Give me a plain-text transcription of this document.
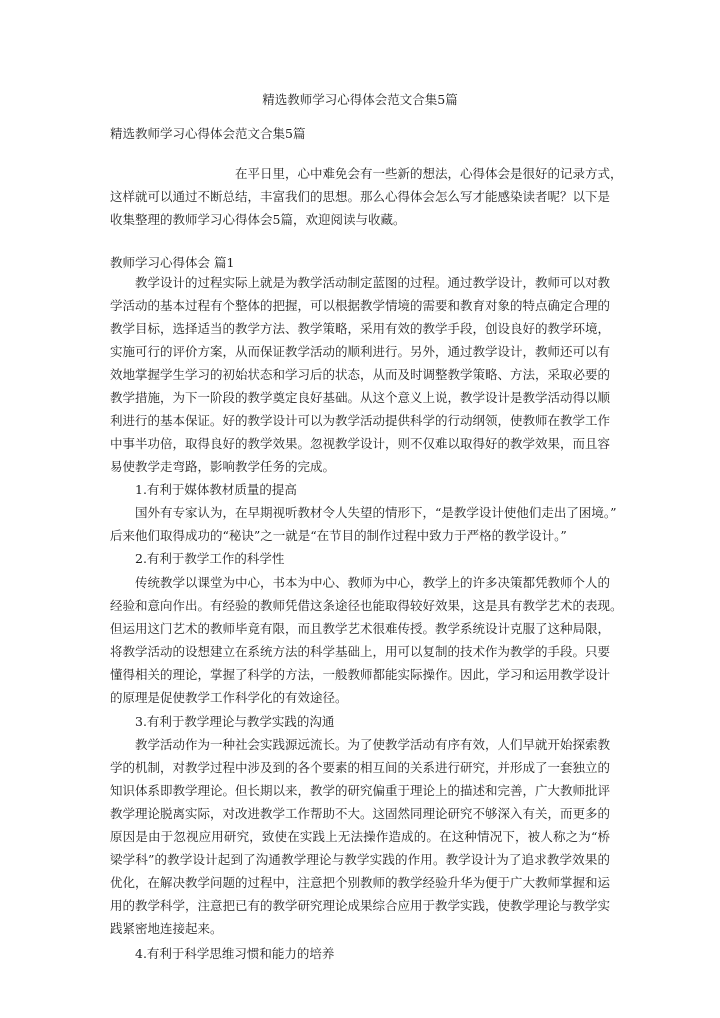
精选教师学习心得体会范文合集5篇
精选教师学习心得体会范文合集5篇
在平日里，心中难免会有一些新的想法，心得体会是很好的记录方式，
这样就可以通过不断总结，丰富我们的思想。那么心得体会怎么写才能感染读者呢？以下是
收集整理的教师学习心得体会5篇，欢迎阅读与收藏。
教师学习心得体会 篇1
教学设计的过程实际上就是为教学活动制定蓝图的过程。通过教学设计，教师可以对教
学活动的基本过程有个整体的把握，可以根据教学情境的需要和教育对象的特点确定合理的
教学目标，选择适当的教学方法、教学策略，采用有效的教学手段，创设良好的教学环境，
实施可行的评价方案，从而保证教学活动的顺利进行。另外，通过教学设计，教师还可以有
效地掌握学生学习的初始状态和学习后的状态，从而及时调整教学策略、方法，采取必要的
教学措施，为下一阶段的教学奠定良好基础。从这个意义上说，教学设计是教学活动得以顺
利进行的基本保证。好的教学设计可以为教学活动提供科学的行动纲领，使教师在教学工作
中事半功倍，取得良好的教学效果。忽视教学设计，则不仅难以取得好的教学效果，而且容
易使教学走弯路，影响教学任务的完成。
1.有利于媒体教材质量的提高
国外有专家认为，在早期视听教材令人失望的情形下，“是教学设计使他们走出了困境。”
后来他们取得成功的“秘诀”之一就是“在节目的制作过程中致力于严格的教学设计。”
2.有利于教学工作的科学性
传统教学以课堂为中心，书本为中心、教师为中心，教学上的许多决策都凭教师个人的
经验和意向作出。有经验的教师凭借这条途径也能取得较好效果，这是具有教学艺术的表现。
但运用这门艺术的教师毕竟有限，而且教学艺术很难传授。教学系统设计克服了这种局限，
将教学活动的设想建立在系统方法的科学基础上，用可以复制的技术作为教学的手段。只要
懂得相关的理论，掌握了科学的方法，一般教师都能实际操作。因此，学习和运用教学设计
的原理是促使教学工作科学化的有效途径。
3.有利于教学理论与教学实践的沟通
教学活动作为一种社会实践源远流长。为了使教学活动有序有效，人们早就开始探索教
学的机制，对教学过程中涉及到的各个要素的相互间的关系进行研究，并形成了一套独立的
知识体系即教学理论。但长期以来，教学的研究偏重于理论上的描述和完善，广大教师批评
教学理论脱离实际，对改进教学工作帮助不大。这固然同理论研究不够深入有关，而更多的
原因是由于忽视应用研究，致使在实践上无法操作造成的。在这种情况下，被人称之为“桥
梁学科”的教学设计起到了沟通教学理论与教学实践的作用。教学设计为了追求教学效果的
优化，在解决教学问题的过程中，注意把个别教师的教学经验升华为便于广大教师掌握和运
用的教学科学，注意把已有的教学研究理论成果综合应用于教学实践，使教学理论与教学实
践紧密地连接起来。
4.有利于科学思维习惯和能力的培养
